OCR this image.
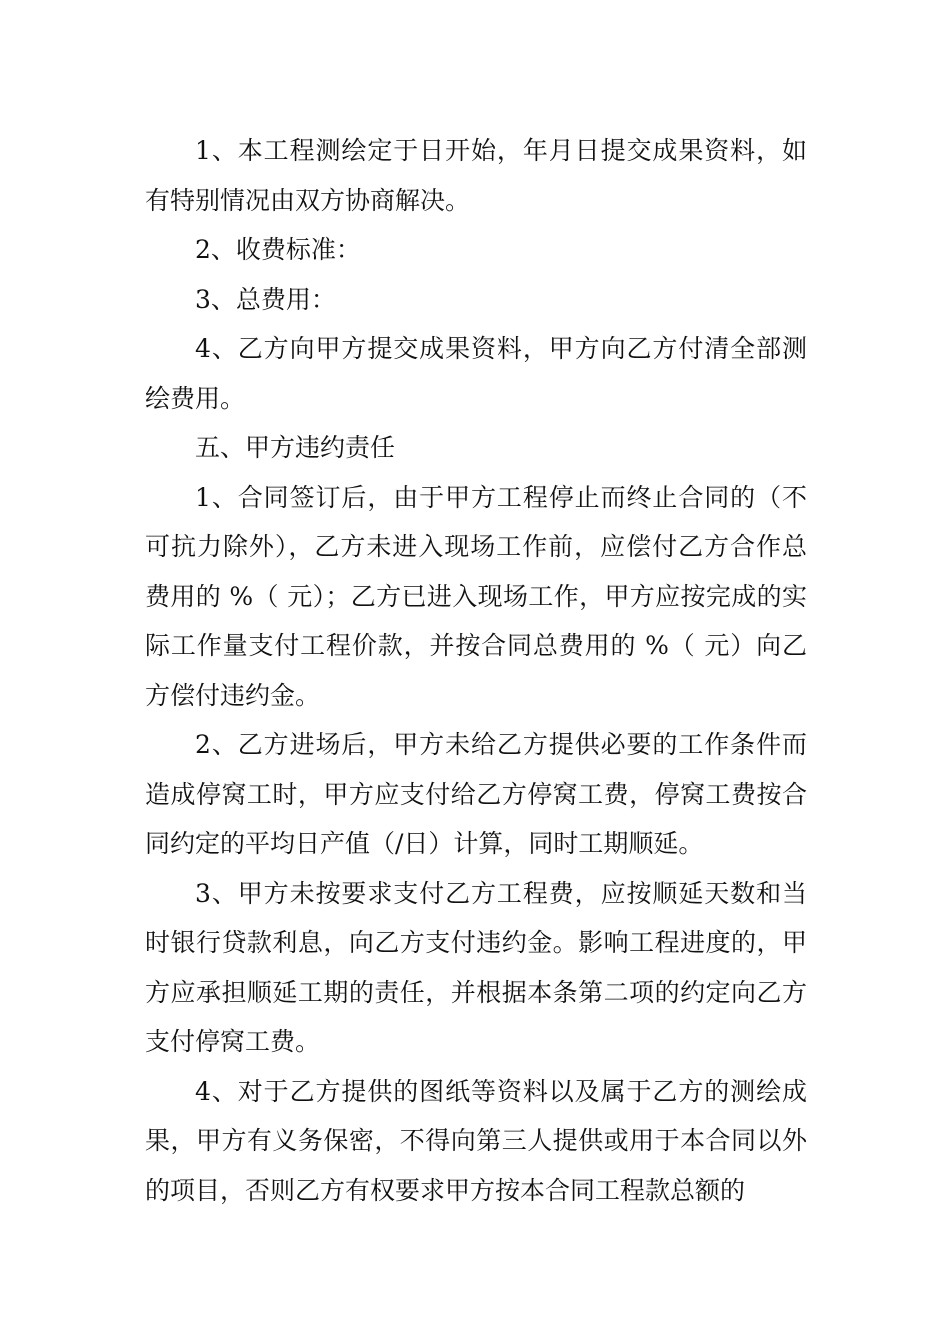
1、本工程测绘定于日开始，年月日提交成果资料，如有特别情况由双方协商解决。

2、收费标准：

3、总费用：

4、乙方向甲方提交成果资料，甲方向乙方付清全部测绘费用。

五、甲方违约责任

1、合同签订后，由于甲方工程停止而终止合同的（不可抗力除外），乙方未进入现场工作前，应偿付乙方合作总费用的 %（ 元）；乙方已进入现场工作，甲方应按完成的实际工作量支付工程价款，并按合同总费用的 %（ 元）向乙方偿付违约金。

2、乙方进场后，甲方未给乙方提供必要的工作条件而造成停窝工时，甲方应支付给乙方停窝工费，停窝工费按合同约定的平均日产值（/日）计算，同时工期顺延。

3、甲方未按要求支付乙方工程费，应按顺延天数和当时银行贷款利息，向乙方支付违约金。影响工程进度的，甲方应承担顺延工期的责任，并根据本条第二项的约定向乙方支付停窝工费。

4、对于乙方提供的图纸等资料以及属于乙方的测绘成果，甲方有义务保密，不得向第三人提供或用于本合同以外的项目，否则乙方有权要求甲方按本合同工程款总额的
